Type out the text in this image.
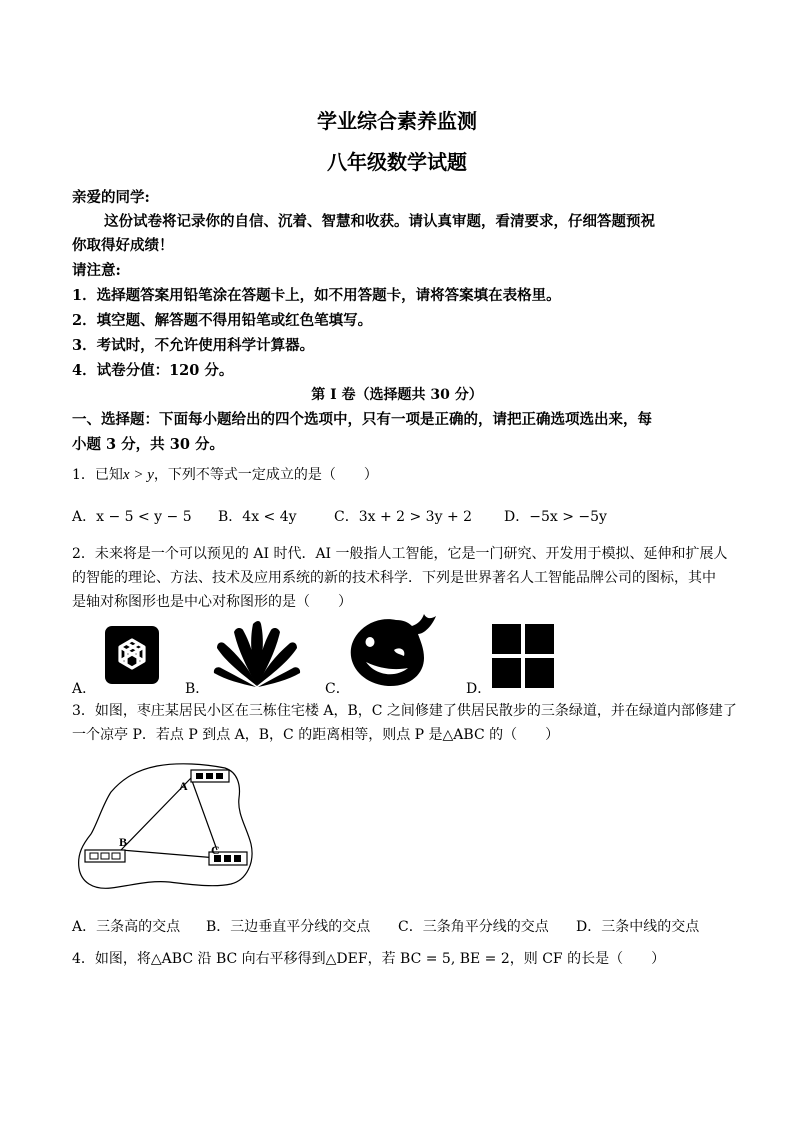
学业综合素养监测
八年级数学试题
亲爱的同学:
这份试卷将记录你的自信、沉着、智慧和收获。请认真审题，看清要求，仔细答题预祝
你取得好成绩！
请注意:
1．选择题答案用铅笔涂在答题卡上，如不用答题卡，请将答案填在表格里。
2．填空题、解答题不得用铅笔或红色笔填写。
3．考试时，不允许使用科学计算器。
4．试卷分值：120 分。
第 I 卷（选择题共 30 分）
一、选择题：下面每小题给出的四个选项中，只有一项是正确的，请把正确选项选出来，每
小题 3 分，共 30 分。
1．已知x > y，下列不等式一定成立的是（　　）
A．x − 5 < y − 5 B．4x < 4y	C．3x + 2 > 3y + 2 D．−5x > −5y
2．未来将是一个可以预见的 AI 时代．AI 一般指人工智能，它是一门研究、开发用于模拟、延伸和扩展人
的智能的理论、方法、技术及应用系统的新的技术科学．下列是世界著名人工智能品牌公司的图标，其中
是轴对称图形也是中心对称图形的是（　　）
A．	B．	C．	D．
3．如图，枣庄某居民小区在三栋住宅楼 A，B，C 之间修建了供居民散步的三条绿道，并在绿道内部修建了
一个凉亭 P．若点 P 到点 A，B，C 的距离相等，则点 P 是△ABC 的（　　）
A
B
C
A．三条高的交点 B．三边垂直平分线的交点 C．三条角平分线的交点 D．三条中线的交点
4．如图，将△ABC 沿 BC 向右平移得到△DEF，若 BC = 5, BE = 2，则 CF 的长是（　　）
